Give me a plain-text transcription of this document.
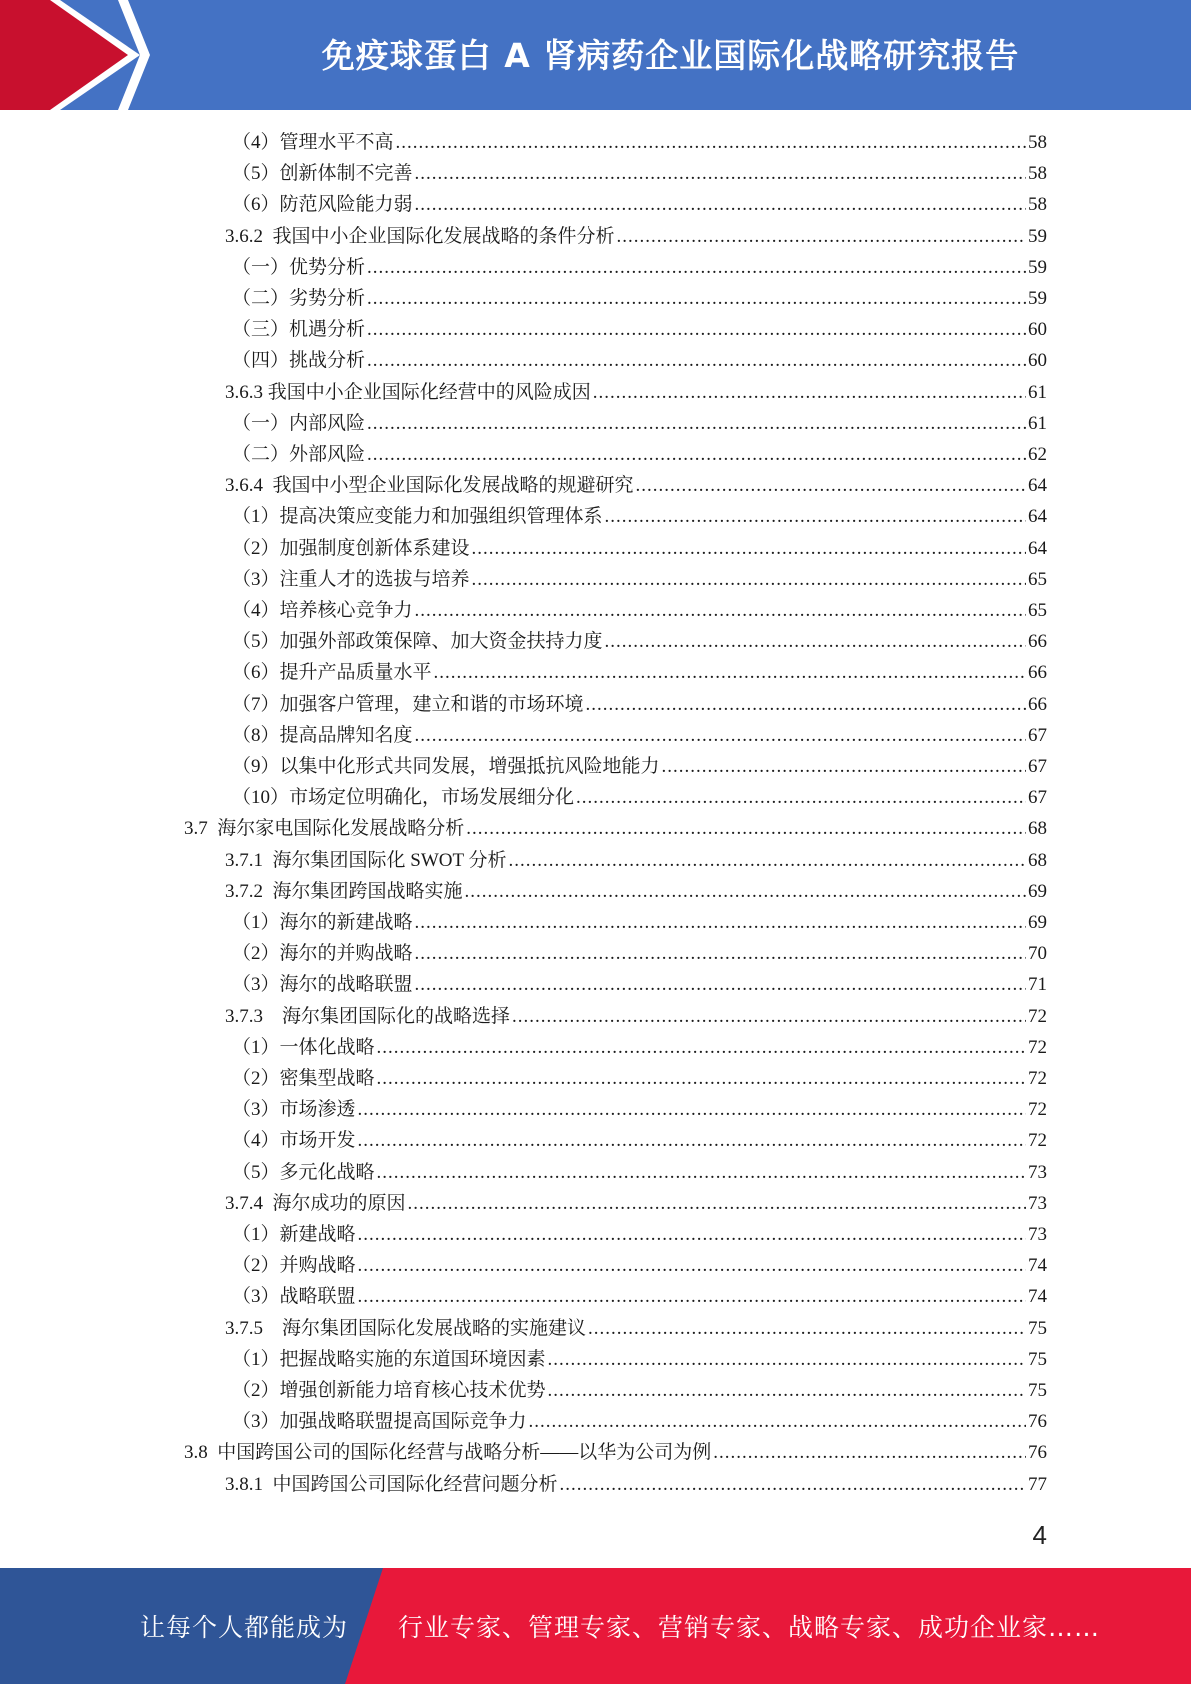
免疫球蛋白 A 肾病药企业国际化战略研究报告
（4）管理水平不高 .....	58
（5）创新体制不完善 .....	58
（6）防范风险能力弱 .....	58
3.6.2  我国中小企业国际化发展战略的条件分析 .....	59
（一）优势分析 .....	59
（二）劣势分析 .....	59
（三）机遇分析 .....	60
（四）挑战分析 .....	60
3.6.3 我国中小企业国际化经营中的风险成因 .....	61
（一）内部风险 .....	61
（二）外部风险 .....	62
3.6.4  我国中小型企业国际化发展战略的规避研究 .....	64
（1）提高决策应变能力和加强组织管理体系 .....	64
（2）加强制度创新体系建设 .....	64
（3）注重人才的选拔与培养 .....	65
（4）培养核心竞争力 .....	65
（5）加强外部政策保障、加大资金扶持力度 .....	66
（6）提升产品质量水平 .....	66
（7）加强客户管理，建立和谐的市场环境 .....	66
（8）提高品牌知名度 .....	67
（9）以集中化形式共同发展，增强抵抗风险地能力 .....	67
（10）市场定位明确化，市场发展细分化 .....	67
3.7  海尔家电国际化发展战略分析 .....	68
3.7.1  海尔集团国际化 SWOT 分析 .....	68
3.7.2  海尔集团跨国战略实施 .....	69
（1）海尔的新建战略 .....	69
（2）海尔的并购战略 .....	70
（3）海尔的战略联盟 .....	71
3.7.3    海尔集团国际化的战略选择 .....	72
（1）一体化战略 .....	72
（2）密集型战略 .....	72
（3）市场渗透 .....	72
（4）市场开发 .....	72
（5）多元化战略 .....	73
3.7.4  海尔成功的原因 .....	73
（1）新建战略 .....	73
（2）并购战略 .....	74
（3）战略联盟 .....	74
3.7.5    海尔集团国际化发展战略的实施建议 .....	75
（1）把握战略实施的东道国环境因素 .....	75
（2）增强创新能力培育核心技术优势 .....	75
（3）加强战略联盟提高国际竞争力 .....	76
3.8  中国跨国公司的国际化经营与战略分析——以华为公司为例 .....	76
3.8.1  中国跨国公司国际化经营问题分析 .....	77
4
让每个人都能成为 行业专家、管理专家、营销专家、战略专家、成功企业家……
